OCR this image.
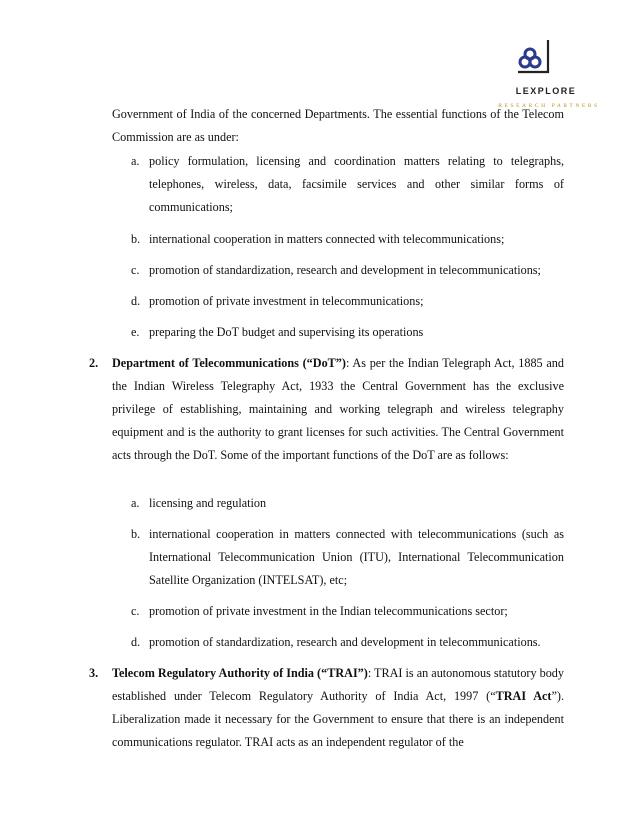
LEXPLORE
RESEARCH PARTNERS
Government of India of the concerned Departments. The essential functions of the Telecom Commission are as under:
a. policy formulation, licensing and coordination matters relating to telegraphs, telephones, wireless, data, facsimile services and other similar forms of communications;
b. international cooperation in matters connected with telecommunications;
c. promotion of standardization, research and development in telecommunications;
d. promotion of private investment in telecommunications;
e. preparing the DoT budget and supervising its operations
2.	Department of Telecommunications (“DoT”): As per the Indian Telegraph Act, 1885 and the Indian Wireless Telegraphy Act, 1933 the Central Government has the exclusive privilege of establishing, maintaining and working telegraph and wireless telegraphy equipment and is the authority to grant licenses for such activities. The Central Government acts through the DoT. Some of the important functions of the DoT are as follows:
a. licensing and regulation
b. international cooperation in matters connected with telecommunications (such as International Telecommunication Union (ITU), International Telecommunication Satellite Organization (INTELSAT), etc;
c. promotion of private investment in the Indian telecommunications sector;
d. promotion of standardization, research and development in telecommunications.
3.	Telecom Regulatory Authority of India (“TRAI”): TRAI is an autonomous statutory body established under Telecom Regulatory Authority of India Act, 1997 (“TRAI Act”). Liberalization made it necessary for the Government to ensure that there is an independent communications regulator. TRAI acts as an independent regulator of the
